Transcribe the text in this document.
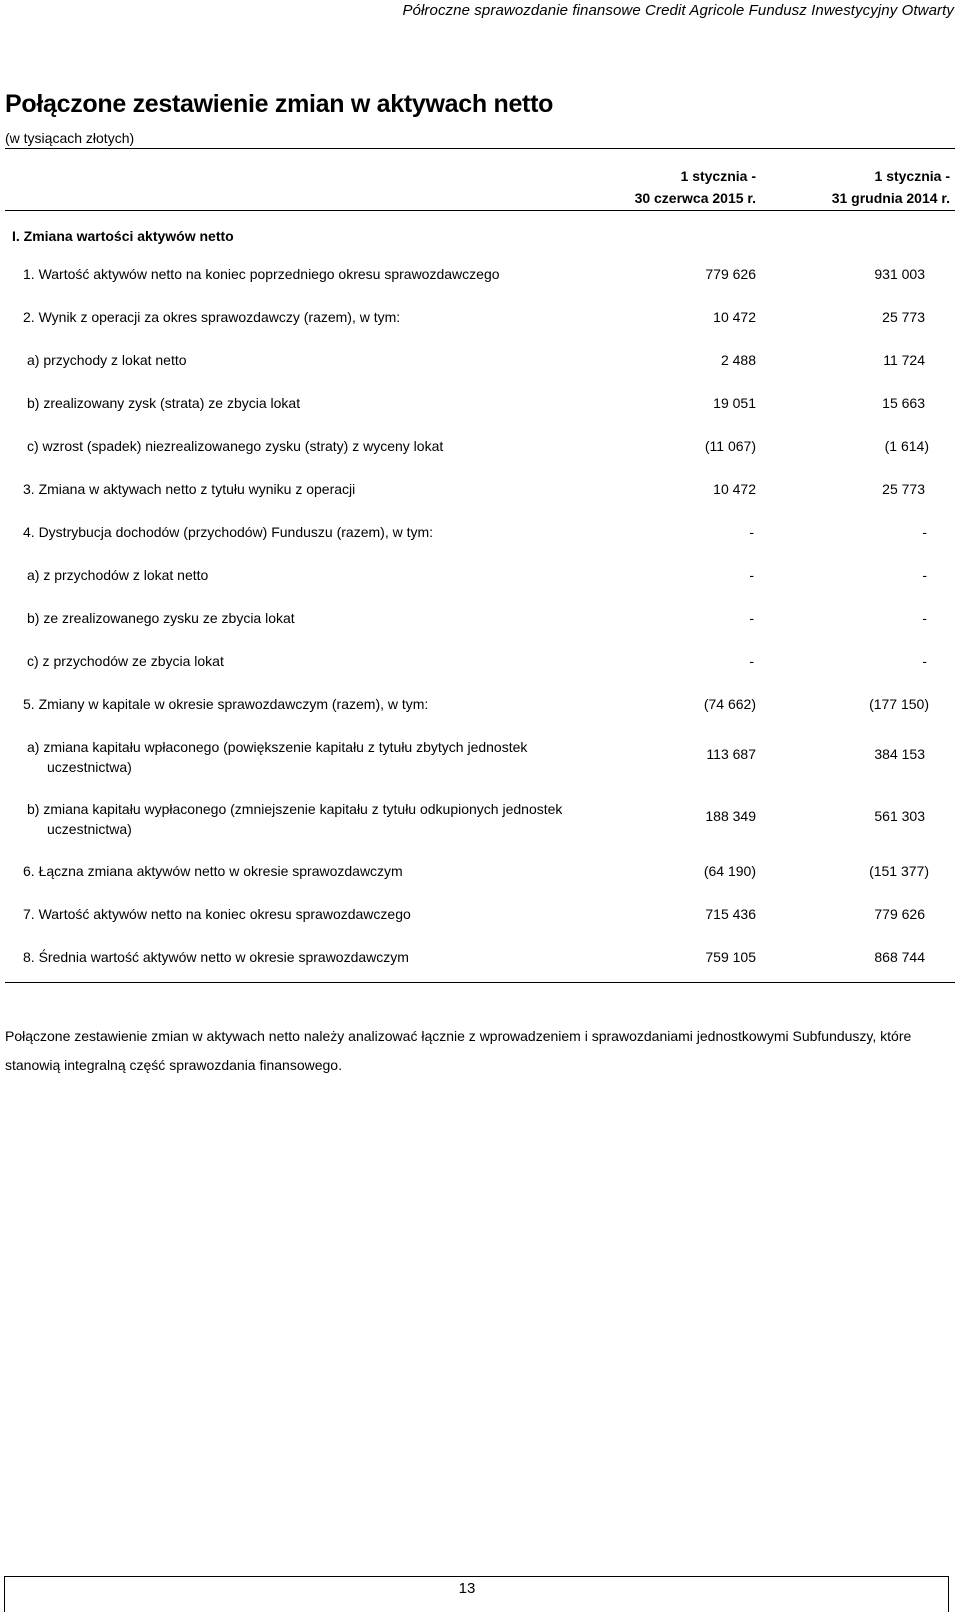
Półroczne sprawozdanie finansowe Credit Agricole Fundusz Inwestycyjny Otwarty
Połączone zestawienie zmian w aktywach netto
(w tysiącach złotych)
1 stycznia -
30 czerwca 2015 r.
1 stycznia -
31 grudnia 2014 r.
I. Zmiana wartości aktywów netto
1. Wartość aktywów netto na koniec poprzedniego okresu sprawozdawczego	779 626	931 003
2. Wynik z operacji za okres sprawozdawczy (razem), w tym:	10 472	25 773
a) przychody z lokat netto	2 488	11 724
b) zrealizowany zysk (strata) ze zbycia lokat	19 051	15 663
c) wzrost (spadek) niezrealizowanego zysku (straty) z wyceny lokat	(11 067)	(1 614)
3. Zmiana w aktywach netto z tytułu wyniku z operacji	10 472	25 773
4. Dystrybucja dochodów (przychodów) Funduszu (razem), w tym:	-	-
a) z przychodów z lokat netto	-	-
b) ze zrealizowanego zysku ze zbycia lokat	-	-
c) z przychodów ze zbycia lokat	-	-
5. Zmiany w kapitale w okresie sprawozdawczym (razem), w tym:	(74 662)	(177 150)
a) zmiana kapitału wpłaconego (powiększenie kapitału z tytułu zbytych jednostek
uczestnictwa)
113 687	384 153
b) zmiana kapitału wypłaconego (zmniejszenie kapitału z tytułu odkupionych jednostek
uczestnictwa)
188 349	561 303
6. Łączna zmiana aktywów netto w okresie sprawozdawczym	(64 190)	(151 377)
7. Wartość aktywów netto na koniec okresu sprawozdawczego	715 436	779 626
8. Średnia wartość aktywów netto w okresie sprawozdawczym	759 105	868 744
Połączone zestawienie zmian w aktywach netto należy analizować łącznie z wprowadzeniem i sprawozdaniami jednostkowymi Subfunduszy, które stanowią integralną część sprawozdania finansowego.
13
